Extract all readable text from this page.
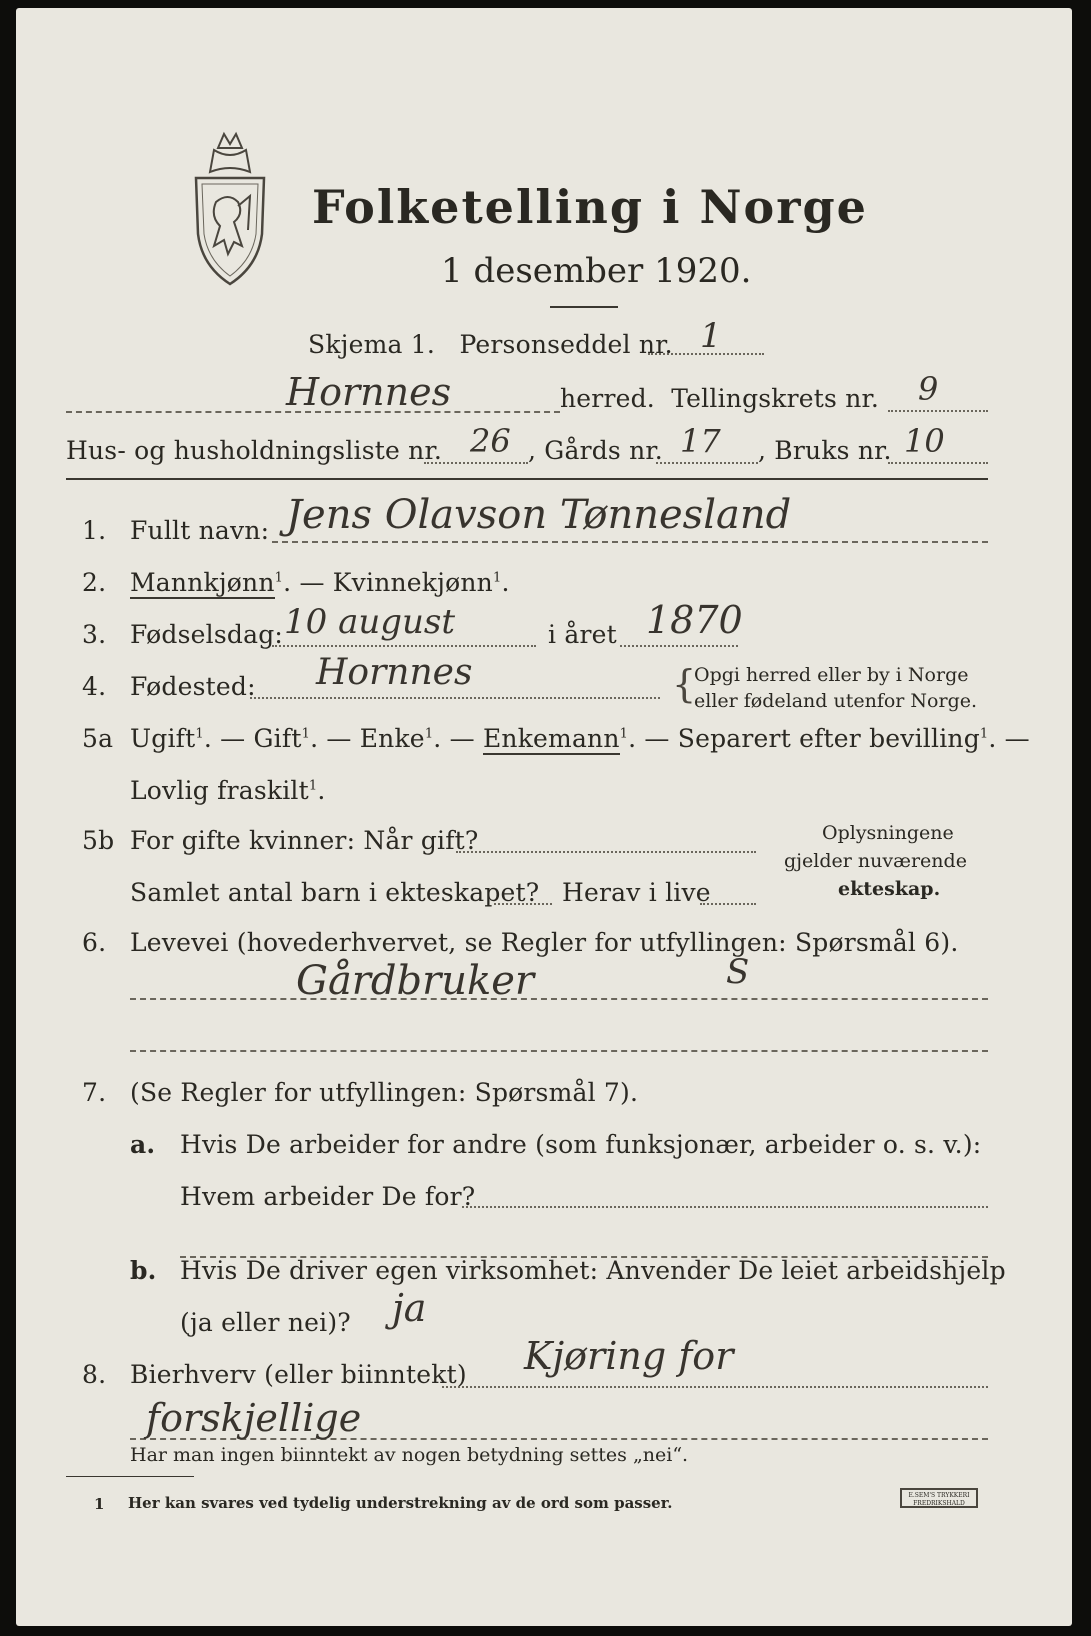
Folketelling i Norge
1 desember 1920.
Skjema 1. Personseddel nr. 1
Hornnes	herred. Tellingskrets nr. 9
Hus- og husholdningsliste nr. 26 , Gårds nr. 17 , Bruks nr. 10
1. Fullt navn: Jens Olavson Tønnesland
2. Mannkjønn$^1$. — Kvinnekjønn$^1$.
3. Fødselsdag: 10 august	i året 1870
4. Fødested: Hornnes	{
Opgi herred eller by i Norge
eller fødeland utenfor Norge.
5a Ugift$^1$. — Gift$^1$. — Enke$^1$. — Enkemann$^1$. — Separert efter bevilling$^1$. —
Lovlig fraskilt$^1$.
5b For gifte kvinner: Når gift?
Samlet antal barn i ekteskapet? Herav i live
Oplysningene
gjelder nuværende
ekteskap.
6. Levevei (hovederhvervet, se Regler for utfyllingen: Spørsmål 6).
Gårdbruker	S
7. (Se Regler for utfyllingen: Spørsmål 7).
a. Hvis De arbeider for andre (som funksjonær, arbeider o. s. v.):
Hvem arbeider De for?
b. Hvis De driver egen virksomhet: Anvender De leiet arbeidshjelp
(ja eller nei)? ja
8. Bierhverv (eller biinntekt) Kjøring for
forskjellige
Har man ingen biinntekt av nogen betydning settes „nei“.
1 Her kan svares ved tydelig understrekning av de ord som passer.	E.SEM'S TRYKKERI
FREDRIKSHALD
